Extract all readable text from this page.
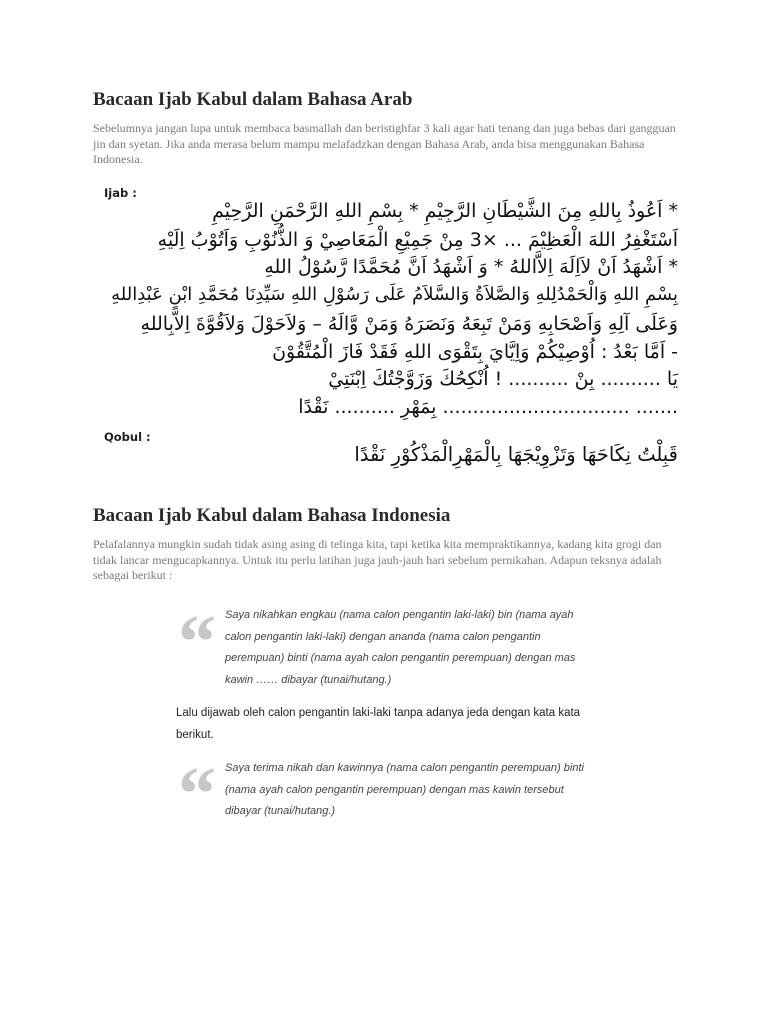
Bacaan Ijab Kabul dalam Bahasa Arab
Sebelumnya jangan lupa untuk membaca basmallah dan beristighfar 3 kali agar hati tenang dan juga bebas dari gangguan jin dan syetan. Jika anda merasa belum mampu melafadzkan dengan Bahasa Arab, anda bisa menggunakan Bahasa Indonesia.
Ijab :
* اَعُوذُ بِاللهِ مِنَ الشَّيْطَانِ الرَّجِيْمِ * بِسْمِ اللهِ الرَّحْمَنِ الرَّحِيْمِ
اَسْتَغْفِرُ اللهَ الْعَظِيْمَ ... ×3 مِنْ جَمِيْعِ الْمَعَاصِيْ وَ الذُّنُوْبِ وَاَتُوْبُ اِلَيْهِ
* اَشْهَدُ اَنْ لاَاِلَهَ اِلاَّاللهُ * وَ اَشْهَدُ اَنَّ مُحَمَّدًا رَّسُوْلُ اللهِ
بِسْمِ اللهِ وَالْحَمْدُلِلهِ وَالصَّلاَةُ وَالسَّلاَمُ عَلَى رَسُوْلِ اللهِ سَيِّدِنَا مُحَمَّدِ ابْنِ عَبْدِاللهِ
وَعَلَى آلِهِ وَاَصْحَابِهِ وَمَنْ تَبِعَهُ وَنَصَرَهُ وَمَنْ وَّالَهُ – وَلاَحَوْلَ وَلاَقُوَّةَ اِلاَّبِاللهِ
- اَمَّا بَعْدُ : اُوْصِيْكُمْ وَاِيَّايَ بِتَقْوَى اللهِ فَقَدْ فَازَ الْمُتَّقُوْنَ
يَا .......... بِنْ .......... ! اُنْكِحُكَ وَزَوَّجْتُكَ اِبْنَتِيْ
....... ............................... بِمَهْرِ .......... نَقْدًا
Qobul :
قَبِلْتُ نِكَاحَهَا وَتَزْوِيْجَهَا بِالْمَهْرِالْمَذْكُوْرِ نَقْدًا
Bacaan Ijab Kabul dalam Bahasa Indonesia
Pelafalannya mungkin sudah tidak asing asing di telinga kita, tapi ketika kita mempraktikannya, kadang kita grogi dan tidak lancar mengucapkannya. Untuk itu perlu latihan juga jauh-jauh hari sebelum pernikahan. Adapun teksnya adalah sebagai berikut :
“ Saya nikahkan engkau (nama calon pengantin laki-laki) bin (nama ayah calon pengantin laki-laki) dengan ananda (nama calon pengantin perempuan) binti (nama ayah calon pengantin perempuan) dengan mas kawin …… dibayar (tunai/hutang.)
Lalu dijawab oleh calon pengantin laki-laki tanpa adanya jeda dengan kata kata berikut.
“ Saya terima nikah dan kawinnya (nama calon pengantin perempuan) binti (nama ayah calon pengantin perempuan) dengan mas kawin tersebut dibayar (tunai/hutang.)
